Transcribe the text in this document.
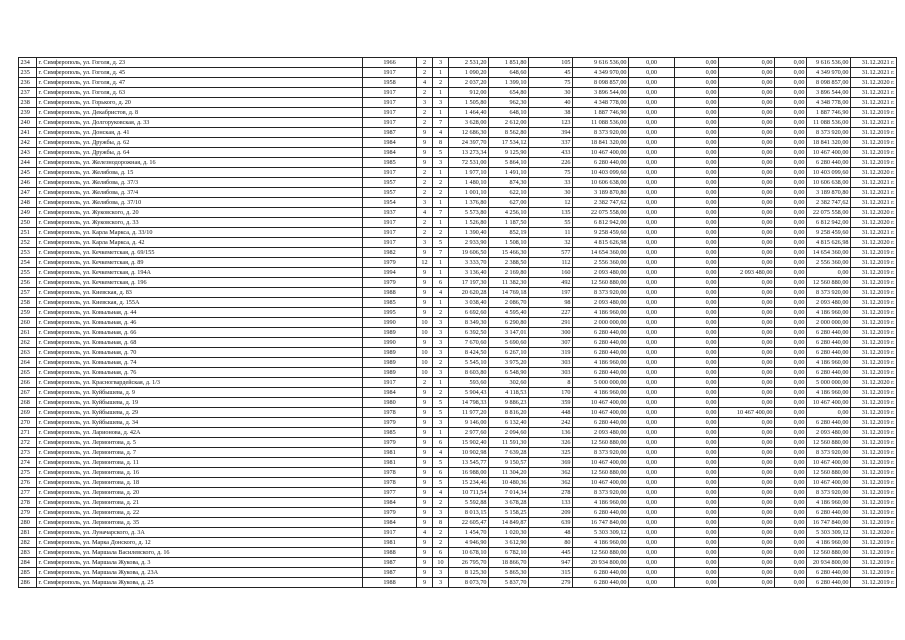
234	г. Симферополь, ул. Гоголя, д. 23	1966	2	3	2 531,20	1 851,80	105	9 616 536,00	0,00	0,00	0,00	0,00	9 616 536,00	31.12.2021 г.
235	г. Симферополь, ул. Гоголя, д. 45	1917	2	1	1 090,20	648,60	45	4 349 970,00	0,00	0,00	0,00	0,00	4 349 970,00	31.12.2021 г.
236	г. Симферополь, ул. Гоголя, д. 47	1958	4	2	2 037,20	1 399,10	75	8 098 857,00	0,00	0,00	0,00	0,00	8 098 857,00	31.12.2020 г.
237	г. Симферополь, ул. Гоголя, д. 63	1917	2	1	912,00	654,80	30	3 896 544,00	0,00	0,00	0,00	0,00	3 896 544,00	31.12.2021 г.
238	г. Симферополь, ул. Горького, д. 20	1917	3	3	1 505,80	962,30	40	4 348 778,00	0,00	0,00	0,00	0,00	4 348 778,00	31.12.2021 г.
239	г. Симферополь, ул. Декабристов, д. 8	1917	2	1	1 464,40	648,10	38	1 887 746,90	0,00	0,00	0,00	0,00	1 887 746,90	31.12.2019 г.
240	г. Симферополь, ул. Долгоруковская, д. 33	1917	2	7	3 628,00	2 612,00	123	11 088 536,00	0,00	0,00	0,00	0,00	11 088 536,00	31.12.2021 г.
241	г. Симферополь, ул. Донская, д. 41	1987	9	4	12 686,30	8 562,80	394	8 373 920,00	0,00	0,00	0,00	0,00	8 373 920,00	31.12.2019 г.
242	г. Симферополь, ул. Дружбы, д. 62	1984	9	8	24 397,70	17 534,12	337	18 841 320,00	0,00	0,00	0,00	0,00	18 841 320,00	31.12.2019 г.
243	г. Симферополь, ул. Дружбы, д. 64	1984	9	5	13 273,34	9 125,90	433	10 467 400,00	0,00	0,00	0,00	0,00	10 467 400,00	31.12.2019 г.
244	г. Симферополь, ул. Железнодорожная, д. 16	1985	9	3	72 531,00	5 864,10	226	6 280 440,00	0,00	0,00	0,00	0,00	6 280 440,00	31.12.2019 г.
245	г. Симферополь, ул. Желябова, д. 15	1917	2	1	1 977,10	1 491,10	75	10 403 099,60	0,00	0,00	0,00	0,00	10 403 099,60	31.12.2020 г.
246	г. Симферополь, ул. Желябова, д. 37/3	1957	2	2	1 480,10	874,30	33	10 606 638,00	0,00	0,00	0,00	0,00	10 606 638,00	31.12.2021 г.
247	г. Симферополь, ул. Желябова, д. 37/4	1957	2	2	1 001,10	622,10	30	3 189 870,80	0,00	0,00	0,00	0,00	3 189 870,80	31.12.2021 г.
248	г. Симферополь, ул. Желябова, д. 37/10	1954	3	1	1 376,80	627,00	12	2 382 747,62	0,00	0,00	0,00	0,00	2 382 747,62	31.12.2021 г.
249	г. Симферополь, ул. Жуковского, д. 20	1937	4	7	5 573,80	4 256,10	135	22 075 558,00	0,00	0,00	0,00	0,00	22 075 558,00	31.12.2020 г.
250	г. Симферополь, ул. Жуковского, д. 33	1917	2	1	1 526,80	1 187,50	55	6 812 942,00	0,00	0,00	0,00	0,00	6 812 942,00	31.12.2020 г.
251	г. Симферополь, ул. Карла Маркса, д. 33/10	1917	2	2	1 390,40	852,19	11	9 258 459,60	0,00	0,00	0,00	0,00	9 258 459,60	31.12.2021 г.
252	г. Симферополь, ул. Карла Маркса, д. 42	1917	3	5	2 933,90	1 508,10	32	4 815 626,98	0,00	0,00	0,00	0,00	4 815 626,98	31.12.2020 г.
253	г. Симферополь, ул. Кечкеметская, д. 69/155	1982	9	7	19 606,50	15 466,30	577	14 654 360,00	0,00	0,00	0,00	0,00	14 654 360,00	31.12.2019 г.
254	г. Симферополь, ул. Кечкеметская, д. 89	1979	12	1	3 333,70	2 388,50	112	2 556 360,00	0,00	0,00	0,00	0,00	2 556 360,00	31.12.2019 г.
255	г. Симферополь, ул. Кечкеметская, д. 194А	1994	9	1	3 136,40	2 169,80	160	2 093 480,00	0,00	0,00	2 093 480,00	0,00	0,00	31.12.2019 г.
256	г. Симферополь, ул. Кечкеметская, д. 196	1979	9	6	17 197,30	11 382,30	492	12 560 880,00	0,00	0,00	0,00	0,00	12 560 880,00	31.12.2019 г.
257	г. Симферополь, ул. Киевская, д. 83	1988	9	4	20 620,28	14 769,18	197	8 373 920,00	0,00	0,00	0,00	0,00	8 373 920,00	31.12.2019 г.
258	г. Симферополь, ул. Киевская, д. 155А	1985	9	1	3 038,40	2 086,70	98	2 093 480,00	0,00	0,00	0,00	0,00	2 093 480,00	31.12.2019 г.
259	г. Симферополь, ул. Ковыльная, д. 44	1995	9	2	6 692,60	4 595,40	227	4 186 960,00	0,00	0,00	0,00	0,00	4 186 960,00	31.12.2019 г.
260	г. Симферополь, ул. Ковыльная, д. 46	1990	10	3	8 349,30	6 290,80	291	2 000 000,00	0,00	0,00	0,00	0,00	2 000 000,00	31.12.2019 г.
261	г. Симферополь, ул. Ковыльная, д. 66	1989	10	3	6 392,50	3 147,01	300	6 280 440,00	0,00	0,00	0,00	0,00	6 280 440,00	31.12.2019 г.
262	г. Симферополь, ул. Ковыльная, д. 68	1990	9	3	7 670,60	5 690,60	307	6 280 440,00	0,00	0,00	0,00	0,00	6 280 440,00	31.12.2019 г.
263	г. Симферополь, ул. Ковыльная, д. 70	1989	10	3	8 424,50	6 267,10	319	6 280 440,00	0,00	0,00	0,00	0,00	6 280 440,00	31.12.2019 г.
264	г. Симферополь, ул. Ковыльная, д. 74	1989	10	2	5 545,10	3 975,20	303	4 186 960,00	0,00	0,00	0,00	0,00	4 186 960,00	31.12.2019 г.
265	г. Симферополь, ул. Ковыльная, д. 76	1989	10	3	8 603,80	6 548,90	303	6 280 440,00	0,00	0,00	0,00	0,00	6 280 440,00	31.12.2019 г.
266	г. Симферополь, ул. Красногвардейская, д. 1/3	1917	2	1	593,60	302,60	8	5 000 000,00	0,00	0,00	0,00	0,00	5 000 000,00	31.12.2020 г.
267	г. Симферополь, ул. Куйбышева, д. 9	1984	9	2	5 904,43	4 118,53	170	4 186 960,00	0,00	0,00	0,00	0,00	4 186 960,00	31.12.2019 г.
268	г. Симферополь, ул. Куйбышева, д. 19	1980	9	5	14 798,33	9 886,23	359	10 467 400,00	0,00	0,00	0,00	0,00	10 467 400,00	31.12.2019 г.
269	г. Симферополь, ул. Куйбышева, д. 29	1978	9	5	11 977,20	8 816,20	448	10 467 400,00	0,00	0,00	10 467 400,00	0,00	0,00	31.12.2019 г.
270	г. Симферополь, ул. Куйбышева, д. 34	1979	9	3	9 146,00	6 132,40	242	6 280 440,00	0,00	0,00	0,00	0,00	6 280 440,00	31.12.2019 г.
271	г. Симферополь, ул. Ларионова, д. 42А	1985	9	1	2 977,60	2 094,60	136	2 093 480,00	0,00	0,00	0,00	0,00	2 093 480,00	31.12.2019 г.
272	г. Симферополь, ул. Лермонтова, д. 5	1979	9	6	15 902,40	11 591,30	326	12 560 880,00	0,00	0,00	0,00	0,00	12 560 880,00	31.12.2019 г.
273	г. Симферополь, ул. Лермонтова, д. 7	1981	9	4	10 902,98	7 639,28	325	8 373 920,00	0,00	0,00	0,00	0,00	8 373 920,00	31.12.2019 г.
274	г. Симферополь, ул. Лермонтова, д. 11	1981	9	5	13 545,77	9 150,57	369	10 467 400,00	0,00	0,00	0,00	0,00	10 467 400,00	31.12.2019 г.
275	г. Симферополь, ул. Лермонтова, д. 16	1978	9	6	16 988,00	11 304,20	362	12 560 880,00	0,00	0,00	0,00	0,00	12 560 880,00	31.12.2019 г.
276	г. Симферополь, ул. Лермонтова, д. 18	1978	9	5	15 234,46	10 480,36	362	10 467 400,00	0,00	0,00	0,00	0,00	10 467 400,00	31.12.2019 г.
277	г. Симферополь, ул. Лермонтова, д. 20	1977	9	4	10 711,54	7 014,34	278	8 373 920,00	0,00	0,00	0,00	0,00	8 373 920,00	31.12.2019 г.
278	г. Симферополь, ул. Лермонтова, д. 21	1984	9	2	5 592,88	3 678,28	133	4 186 960,00	0,00	0,00	0,00	0,00	4 186 960,00	31.12.2019 г.
279	г. Симферополь, ул. Лермонтова, д. 22	1979	9	3	8 013,15	5 158,25	209	6 280 440,00	0,00	0,00	0,00	0,00	6 280 440,00	31.12.2019 г.
280	г. Симферополь, ул. Лермонтова, д. 35	1984	9	8	22 605,47	14 849,87	639	16 747 840,00	0,00	0,00	0,00	0,00	16 747 840,00	31.12.2019 г.
281	г. Симферополь, ул. Луначарского, д. 3А	1917	4	2	1 454,70	1 020,30	48	5 303 309,12	0,00	0,00	0,00	0,00	5 303 309,12	31.12.2020 г.
282	г. Симферополь, ул. Марка Донского, д. 12	1981	9	2	4 946,90	3 612,90	80	4 186 960,00	0,00	0,00	0,00	0,00	4 186 960,00	31.12.2019 г.
283	г. Симферополь, ул. Маршала Василевского, д. 16	1988	9	6	10 678,10	6 782,10	445	12 560 880,00	0,00	0,00	0,00	0,00	12 560 880,00	31.12.2019 г.
284	г. Симферополь, ул. Маршала Жукова, д. 3	1987	9	10	26 795,70	18 866,70	947	20 934 800,00	0,00	0,00	0,00	0,00	20 934 800,00	31.12.2019 г.
285	г. Симферополь, ул. Маршала Жукова, д. 23А	1987	9	3	8 125,30	5 865,30	315	6 280 440,00	0,00	0,00	0,00	0,00	6 280 440,00	31.12.2019 г.
286	г. Симферополь, ул. Маршала Жукова, д. 25	1988	9	3	8 073,70	5 837,70	279	6 280 440,00	0,00	0,00	0,00	0,00	6 280 440,00	31.12.2019 г.
